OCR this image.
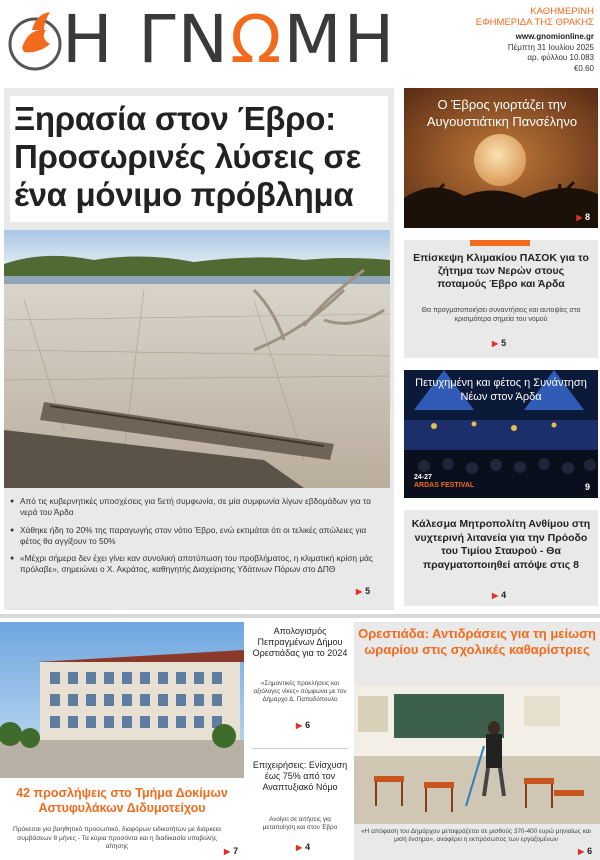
Η ΓΝΩΜΗ	ΚΑΘΗΜΕΡΙΝΗ
ΕΦΗΜΕΡΙΔΑ ΤΗΣ ΘΡΑΚΗΣ
www.gnomionline.gr
Πέμπτη 31 Ιουλίου 2025
αρ. φύλλου 10.083
€0.60
Ξηρασία στον Έβρο: Προσωρινές λύσεις σε ένα μόνιμο πρόβλημα
● Από τις κυβερνητικές υποσχέσεις για 5ετή συμφωνία, σε μία συμφωνία λίγων εβδομάδων για τα νερά του Άρδα
● Χάθηκε ήδη το 20% της παραγωγής στον νότιο Έβρο, ενώ εκτιμάται ότι οι τελικές απώλειες για φέτος θα αγγίξουν το 50%
● «Μέχρι σήμερα δεν έχει γίνει καν συνολική αποτύπωση του προβλήματος, η κλιματική κρίση μάς πρόλαβε», σημειώνει ο Χ. Ακράτος, καθηγητής Διαχείρισης Υδάτινων Πόρων στο ΔΠΘ
▶ 5
Ο Έβρος γιορτάζει την Αυγουστιάτικη Πανσέληνο
▶ 8
Επίσκεψη Κλιμακίου ΠΑΣΟΚ για το ζήτημα των Νερών στους ποταμούς Έβρο και Άρδα
Θα πραγματοποιήσει συναντήσεις και αυτοψίες στα κρισιμότερα σημεία του νομού
▶ 5
Πετυχημένη και φέτος η Συνάντηση Νέων στον Άρδα
24-27
ARDAS FESTIVAL	9
Κάλεσμα Μητροπολίτη Ανθίμου στη νυχτερινή λιτανεία για την Πρόοδο του Τιμίου Σταυρού - Θα πραγματοποιηθεί απόψε στις 8
▶ 4
42 προσλήψεις στο Τμήμα Δοκίμων Αστυφυλάκων Διδυμοτείχου
Πρόκειται για βοηθητικό προσωπικό, διαφόρων ειδικοτήτων με διάρκεια συμβάσεων 8 μήνες - Τα κύρια προσόντα και η διαδικασία υποβολής αίτησης
▶ 7
Απολογισμός Πεπραγμένων Δήμου Ορεστιάδας για το 2024
«Σημαντικές προκλήσεις και αξιόλογες νίκες» σύμφωνα με τον Δήμαρχο Δ. Παπαδόπουλο
▶ 6
Επιχειρήσεις: Ενίσχυση έως 75% από τον Αναπτυξιακό Νόμο
Ανοίγει σε αιτήσεις για μεταποίηση και στον Έβρο
▶ 4
Ορεστιάδα: Αντιδράσεις για τη μείωση ωραρίου στις σχολικές καθαρίστριες
«Η απόφαση του Δημάρχου μεταφράζεται σε μισθούς 370-400 ευρώ μηνιαίως και μισή ένσημα», αναφέρει η εκπρόσωπος των εργαζομένων
▶ 6
